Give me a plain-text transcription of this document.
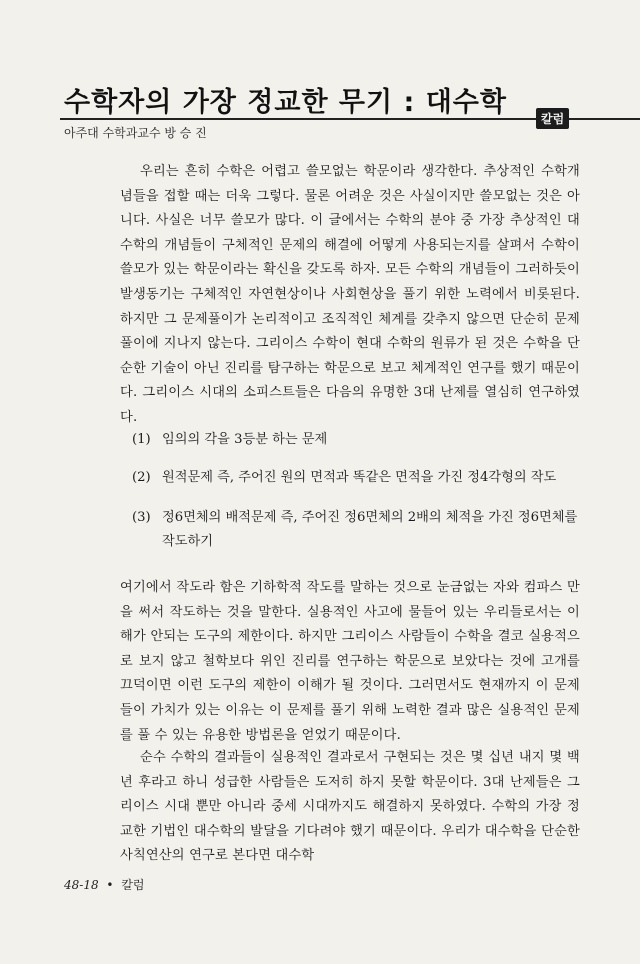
수학자의 가장 정교한 무기 : 대수학
칼럼
아주대 수학과교수 방 승 진

우리는 흔히 수학은 어렵고 쓸모없는 학문이라 생각한다. 추상적인 수학개념들을 접할 때는 더욱 그렇다. 물론 어려운 것은 사실이지만 쓸모없는 것은 아니다. 사실은 너무 쓸모가 많다. 이 글에서는 수학의 분야 중 가장 추상적인 대수학의 개념들이 구체적인 문제의 해결에 어떻게 사용되는지를 살펴서 수학이 쓸모가 있는 학문이라는 확신을 갖도록 하자. 모든 수학의 개념들이 그러하듯이 발생동기는 구체적인 자연현상이나 사회현상을 풀기 위한 노력에서 비롯된다. 하지만 그 문제풀이가 논리적이고 조직적인 체계를 갖추지 않으면 단순히 문제풀이에 지나지 않는다. 그리이스 수학이 현대 수학의 원류가 된 것은 수학을 단순한 기술이 아닌 진리를 탐구하는 학문으로 보고 체계적인 연구를 했기 때문이다. 그리이스 시대의 소피스트들은 다음의 유명한 3대 난제를 열심히 연구하였다.

(1) 임의의 각을 3등분 하는 문제
(2) 원적문제 즉, 주어진 원의 면적과 똑같은 면적을 가진 정4각형의 작도
(3) 정6면체의 배적문제 즉, 주어진 정6면체의 2배의 체적을 가진 정6면체를 작도하기

여기에서 작도라 함은 기하학적 작도를 말하는 것으로 눈금없는 자와 컴파스 만을 써서 작도하는 것을 말한다. 실용적인 사고에 물들어 있는 우리들로서는 이해가 안되는 도구의 제한이다. 하지만 그리이스 사람들이 수학을 결코 실용적으로 보지 않고 철학보다 위인 진리를 연구하는 학문으로 보았다는 것에 고개를 끄덕이면 이런 도구의 제한이 이해가 될 것이다. 그러면서도 현재까지 이 문제들이 가치가 있는 이유는 이 문제를 풀기 위해 노력한 결과 많은 실용적인 문제를 풀 수 있는 유용한 방법론을 얻었기 때문이다.

순수 수학의 결과들이 실용적인 결과로서 구현되는 것은 몇 십년 내지 몇 백년 후라고 하니 성급한 사람들은 도저히 하지 못할 학문이다. 3대 난제들은 그리이스 시대 뿐만 아니라 중세 시대까지도 해결하지 못하였다. 수학의 가장 정교한 기법인 대수학의 발달을 기다려야 했기 때문이다. 우리가 대수학을 단순한 사칙연산의 연구로 본다면 대수학

48-18 • 칼럼
